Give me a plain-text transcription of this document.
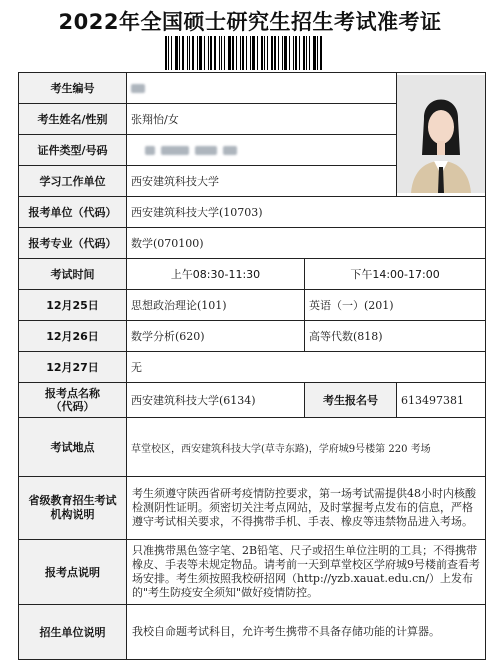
2022年全国硕士研究生招生考试准考证
考生编号		
考生姓名/性别	张翔怡/女		
证件类型/号码			
学习工作单位	西安建筑科技大学		
报考单位（代码）	西安建筑科技大学(10703)		
报考专业（代码）	数学(070100)		
考试时间	上午08:30-11:30	下午14:00-17:00	
12月25日	思想政治理论(101)	英语（一）(201)	
12月26日	数学分析(620)	高等代数(818)	
12月27日	无		
报考点名称
（代码）	西安建筑科技大学(6134)	考生报名号	613497381
考试地点	草堂校区，西安建筑科技大学(草寺东路)，学府城9号楼第 220 考场		
省级教育招生考试
机构说明	考生须遵守陕西省研考疫情防控要求，第一场考试需提供48小时内核酸检测阴性证明。须密切关注考点网站，及时掌握考点发布的信息，严格遵守考试相关要求，不得携带手机、手表、橡皮等违禁物品进入考场。		
报考点说明	只准携带黑色签字笔、2B铅笔、尺子或招生单位注明的工具；不得携带橡皮、手表等未规定物品。请考前一天到草堂校区学府城9号楼前查看考场安排。考生须按照我校研招网（http://yzb.xauat.edu.cn/）上发布的"考生防疫安全须知"做好疫情防控。		
招生单位说明	我校自命题考试科目，允许考生携带不具备存储功能的计算器。		
